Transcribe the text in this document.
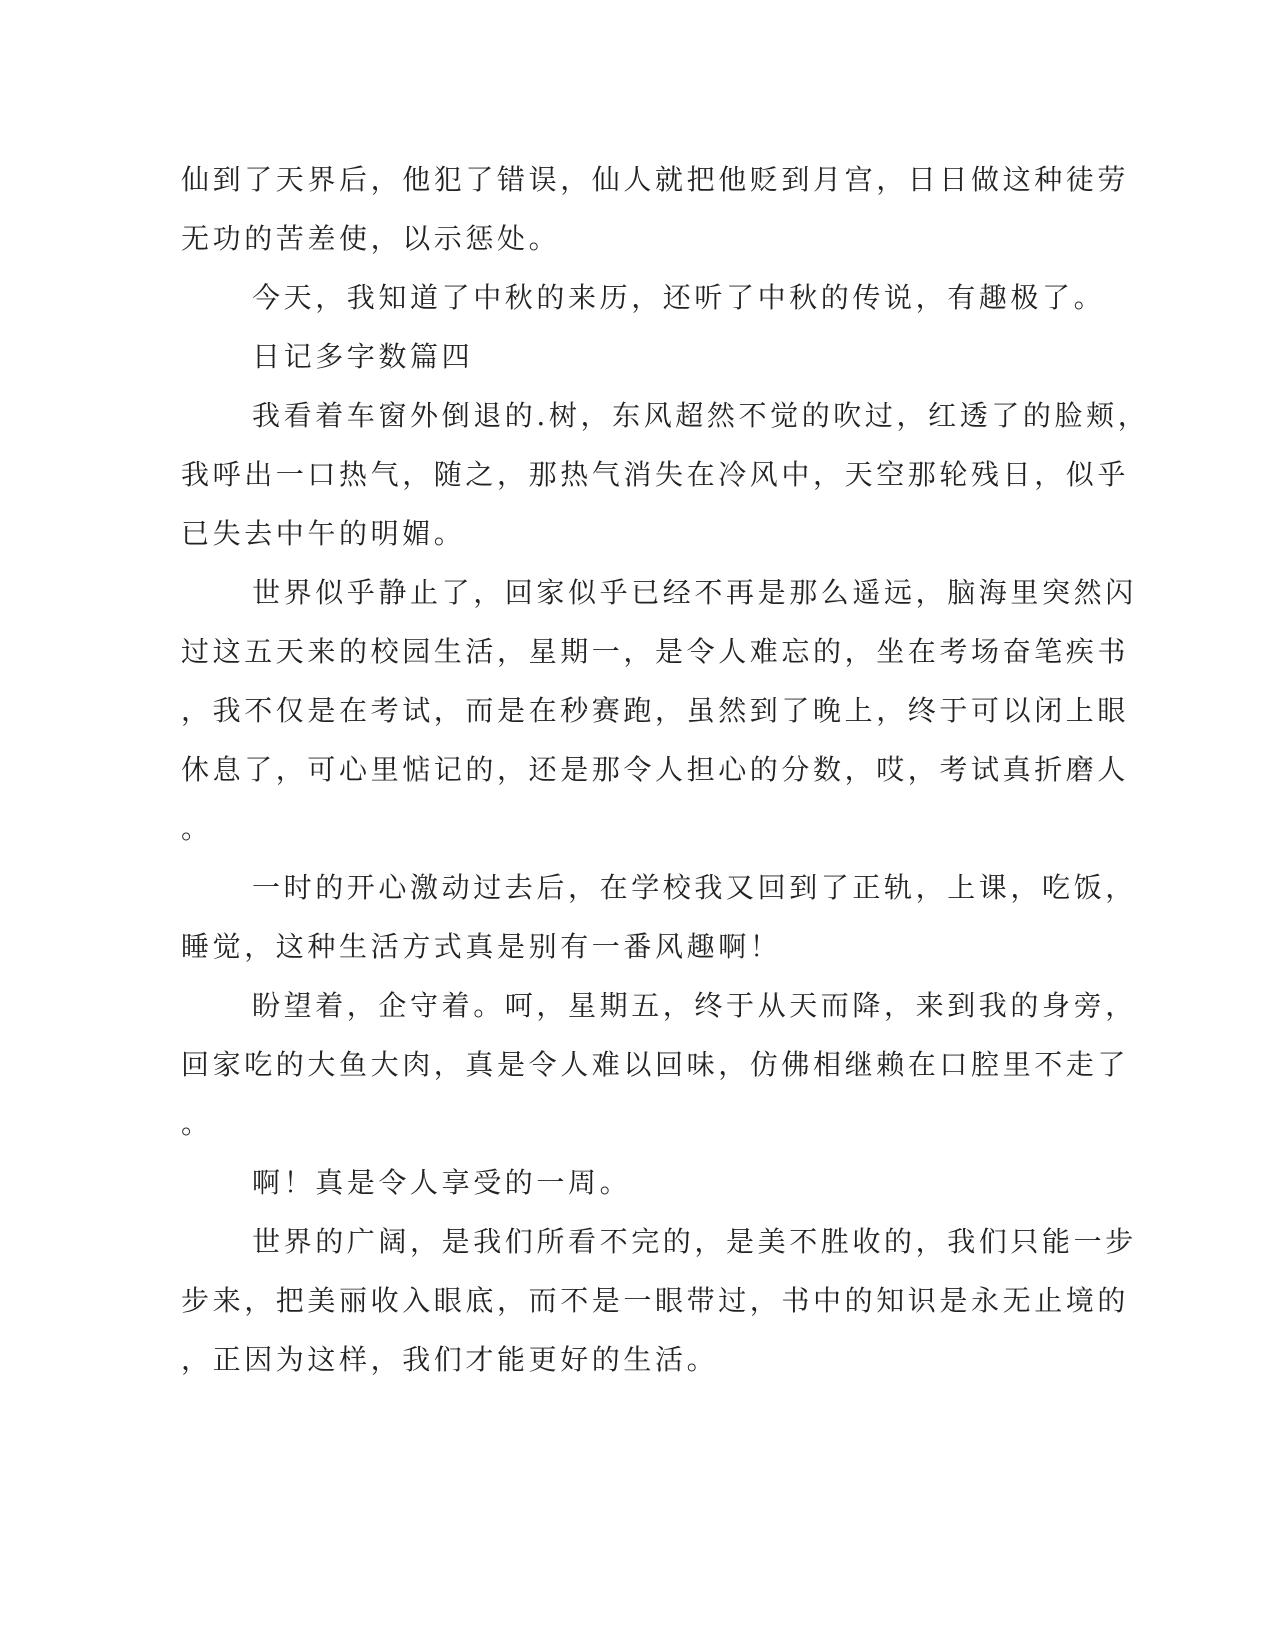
仙到了天界后，他犯了错误，仙人就把他贬到月宫，日日做这种徒劳

无功的苦差使，以示惩处。

今天，我知道了中秋的来历，还听了中秋的传说，有趣极了。

日记多字数篇四

我看着车窗外倒退的.树，东风超然不觉的吹过，红透了的脸颊，

我呼出一口热气，随之，那热气消失在冷风中，天空那轮残日，似乎

已失去中午的明媚。

世界似乎静止了，回家似乎已经不再是那么遥远，脑海里突然闪

过这五天来的校园生活，星期一，是令人难忘的，坐在考场奋笔疾书

，我不仅是在考试，而是在秒赛跑，虽然到了晚上，终于可以闭上眼

休息了，可心里惦记的，还是那令人担心的分数，哎，考试真折磨人

。

一时的开心激动过去后，在学校我又回到了正轨，上课，吃饭，

睡觉，这种生活方式真是别有一番风趣啊！

盼望着，企守着。呵，星期五，终于从天而降，来到我的身旁，

回家吃的大鱼大肉，真是令人难以回味，仿佛相继赖在口腔里不走了

。

啊！真是令人享受的一周。

世界的广阔，是我们所看不完的，是美不胜收的，我们只能一步

步来，把美丽收入眼底，而不是一眼带过，书中的知识是永无止境的

，正因为这样，我们才能更好的生活。
